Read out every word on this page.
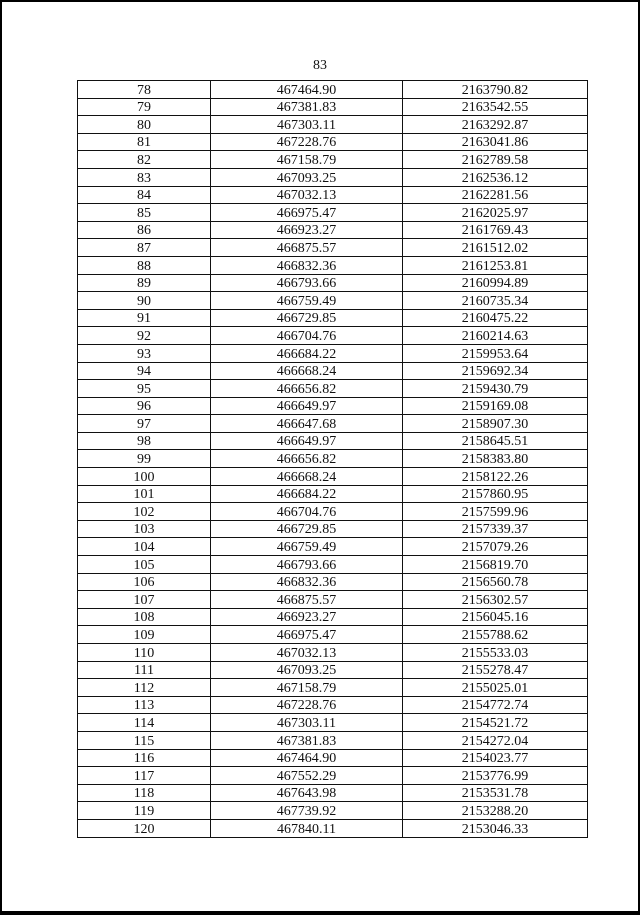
83
78	467464.90	2163790.82
79	467381.83	2163542.55
80	467303.11	2163292.87
81	467228.76	2163041.86
82	467158.79	2162789.58
83	467093.25	2162536.12
84	467032.13	2162281.56
85	466975.47	2162025.97
86	466923.27	2161769.43
87	466875.57	2161512.02
88	466832.36	2161253.81
89	466793.66	2160994.89
90	466759.49	2160735.34
91	466729.85	2160475.22
92	466704.76	2160214.63
93	466684.22	2159953.64
94	466668.24	2159692.34
95	466656.82	2159430.79
96	466649.97	2159169.08
97	466647.68	2158907.30
98	466649.97	2158645.51
99	466656.82	2158383.80
100	466668.24	2158122.26
101	466684.22	2157860.95
102	466704.76	2157599.96
103	466729.85	2157339.37
104	466759.49	2157079.26
105	466793.66	2156819.70
106	466832.36	2156560.78
107	466875.57	2156302.57
108	466923.27	2156045.16
109	466975.47	2155788.62
110	467032.13	2155533.03
111	467093.25	2155278.47
112	467158.79	2155025.01
113	467228.76	2154772.74
114	467303.11	2154521.72
115	467381.83	2154272.04
116	467464.90	2154023.77
117	467552.29	2153776.99
118	467643.98	2153531.78
119	467739.92	2153288.20
120	467840.11	2153046.33
